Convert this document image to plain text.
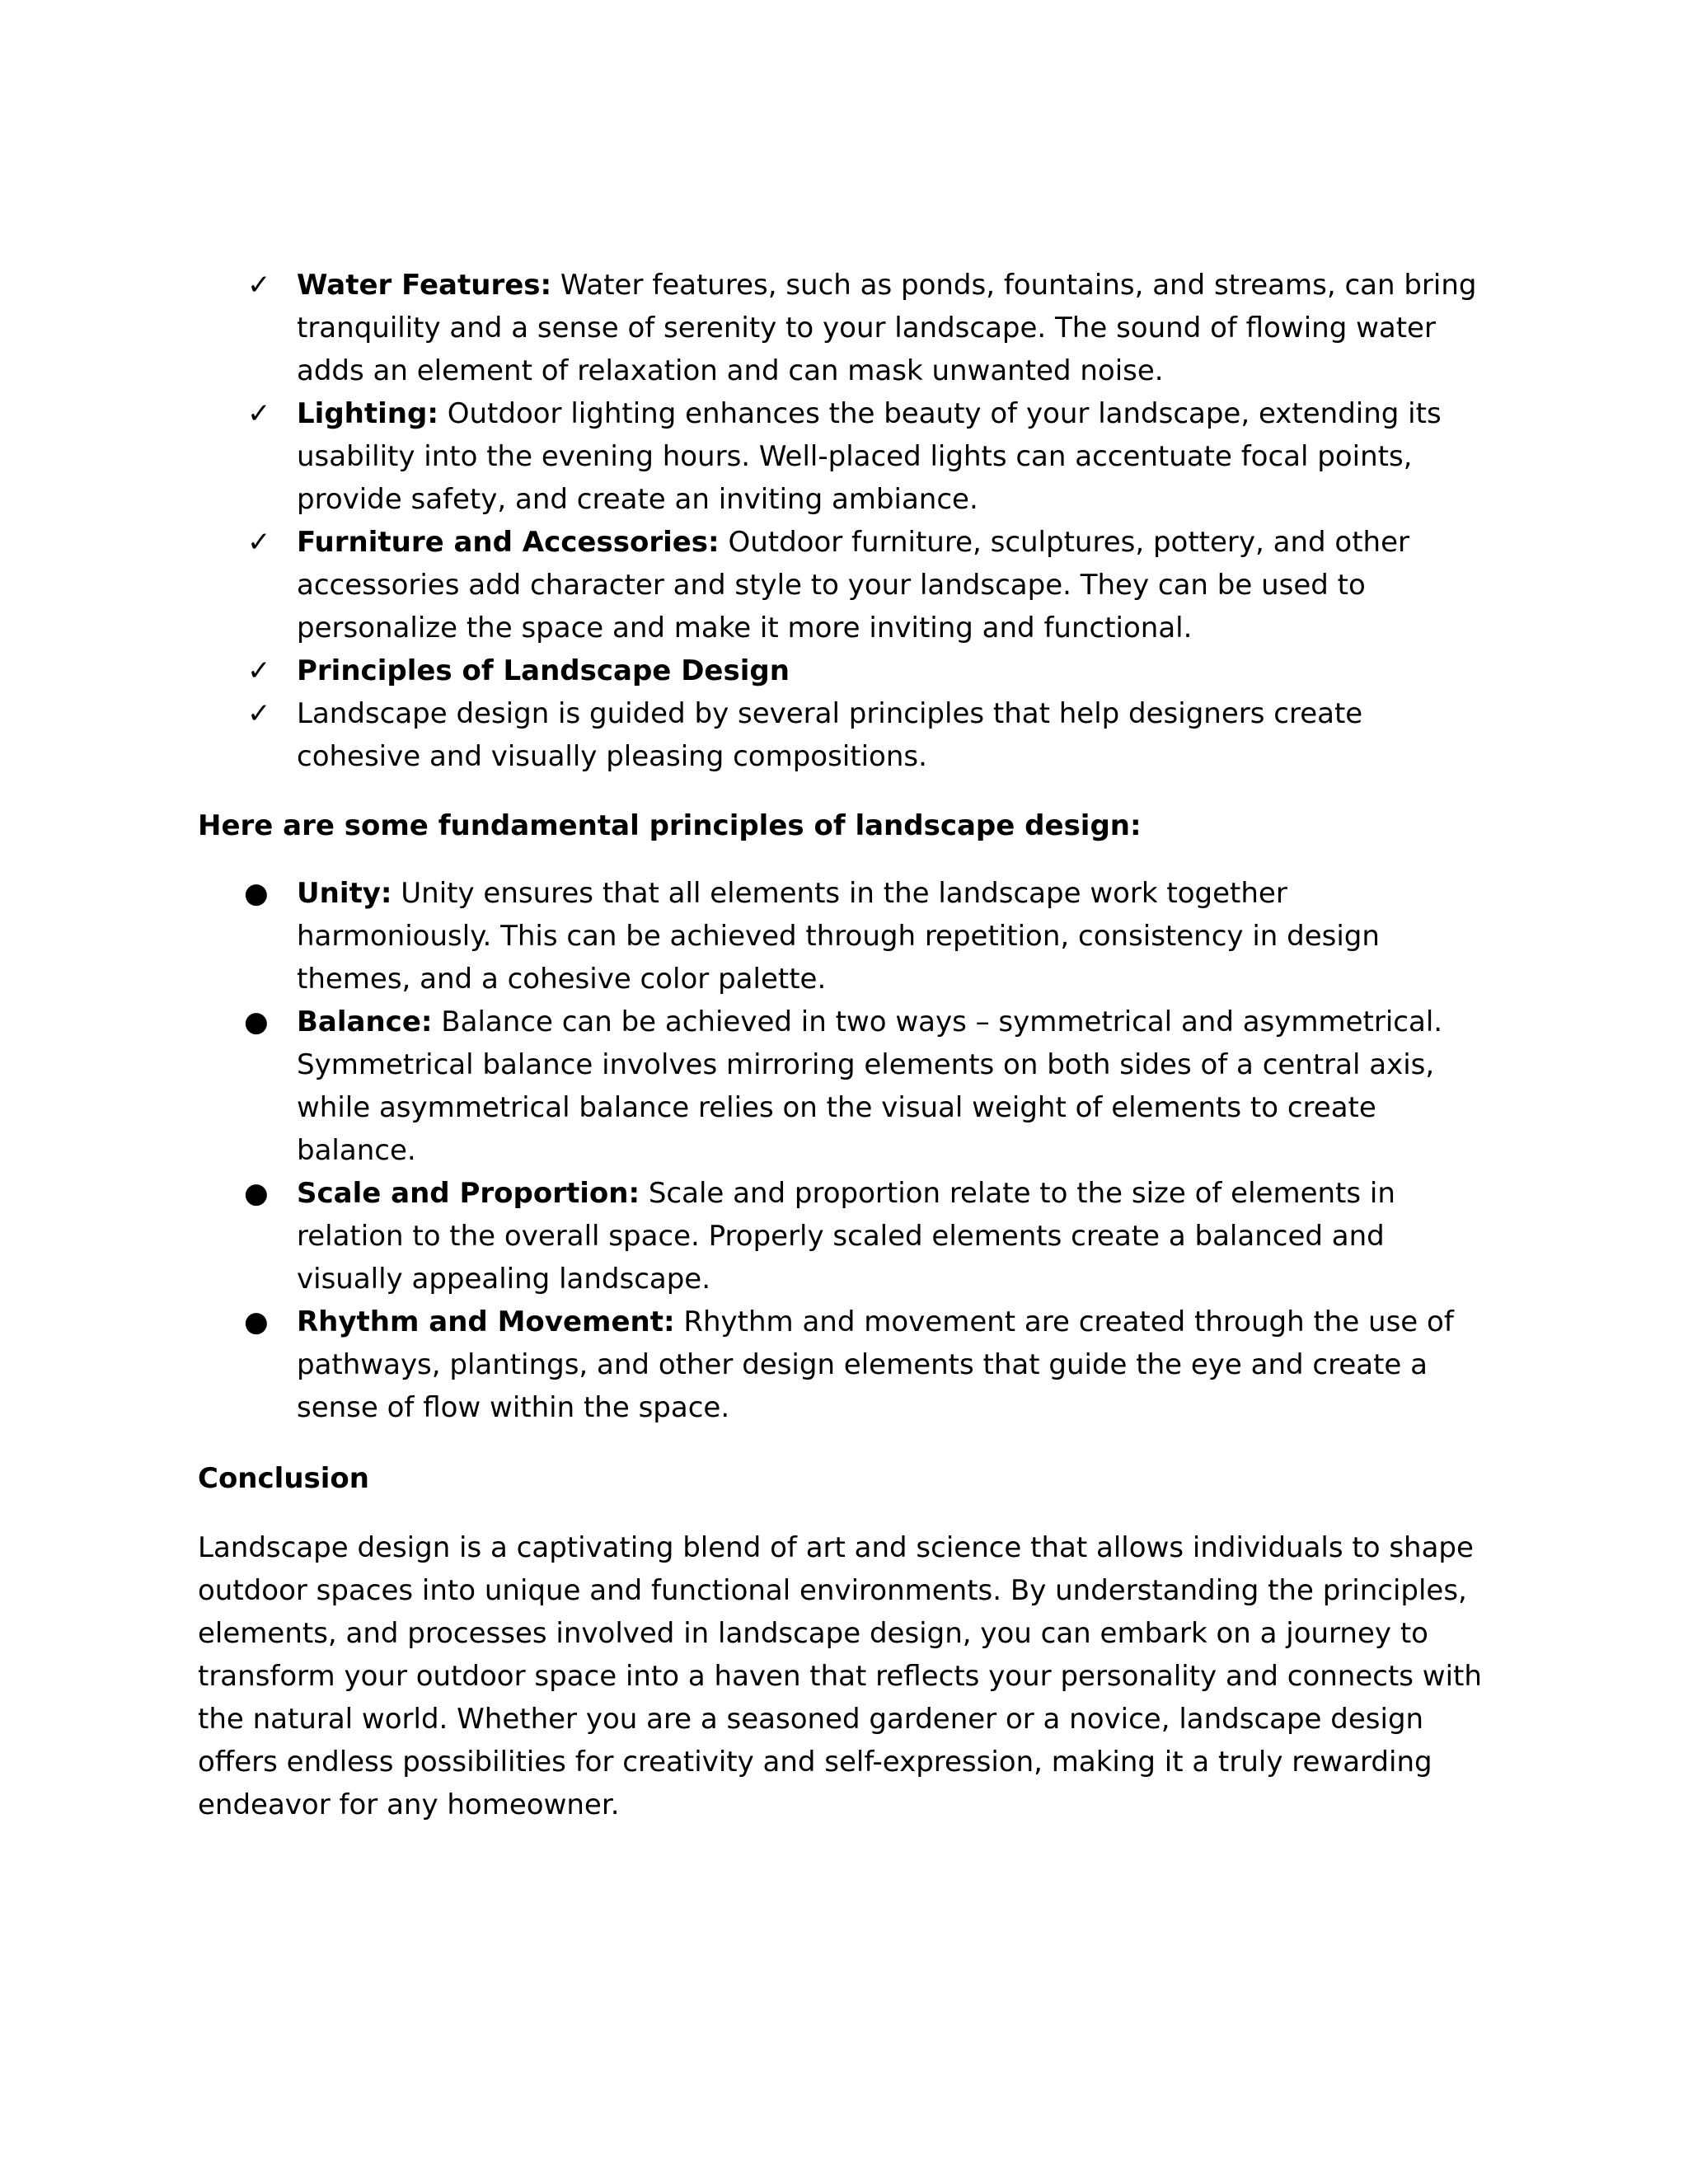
✓ Water Features: Water features, such as ponds, fountains, and streams, can bring tranquility and a sense of serenity to your landscape. The sound of flowing water adds an element of relaxation and can mask unwanted noise.
✓ Lighting: Outdoor lighting enhances the beauty of your landscape, extending its usability into the evening hours. Well-placed lights can accentuate focal points, provide safety, and create an inviting ambiance.
✓ Furniture and Accessories: Outdoor furniture, sculptures, pottery, and other accessories add character and style to your landscape. They can be used to personalize the space and make it more inviting and functional.
✓ Principles of Landscape Design
✓ Landscape design is guided by several principles that help designers create cohesive and visually pleasing compositions.
Here are some fundamental principles of landscape design:
●	Unity: Unity ensures that all elements in the landscape work together harmoniously. This can be achieved through repetition, consistency in design themes, and a cohesive color palette.
●	Balance: Balance can be achieved in two ways – symmetrical and asymmetrical. Symmetrical balance involves mirroring elements on both sides of a central axis, while asymmetrical balance relies on the visual weight of elements to create balance.
●	Scale and Proportion: Scale and proportion relate to the size of elements in relation to the overall space. Properly scaled elements create a balanced and visually appealing landscape.
●	Rhythm and Movement: Rhythm and movement are created through the use of pathways, plantings, and other design elements that guide the eye and create a sense of flow within the space.
Conclusion

Landscape design is a captivating blend of art and science that allows individuals to shape outdoor spaces into unique and functional environments. By understanding the principles, elements, and processes involved in landscape design, you can embark on a journey to transform your outdoor space into a haven that reflects your personality and connects with the natural world. Whether you are a seasoned gardener or a novice, landscape design offers endless possibilities for creativity and self-expression, making it a truly rewarding endeavor for any homeowner.
